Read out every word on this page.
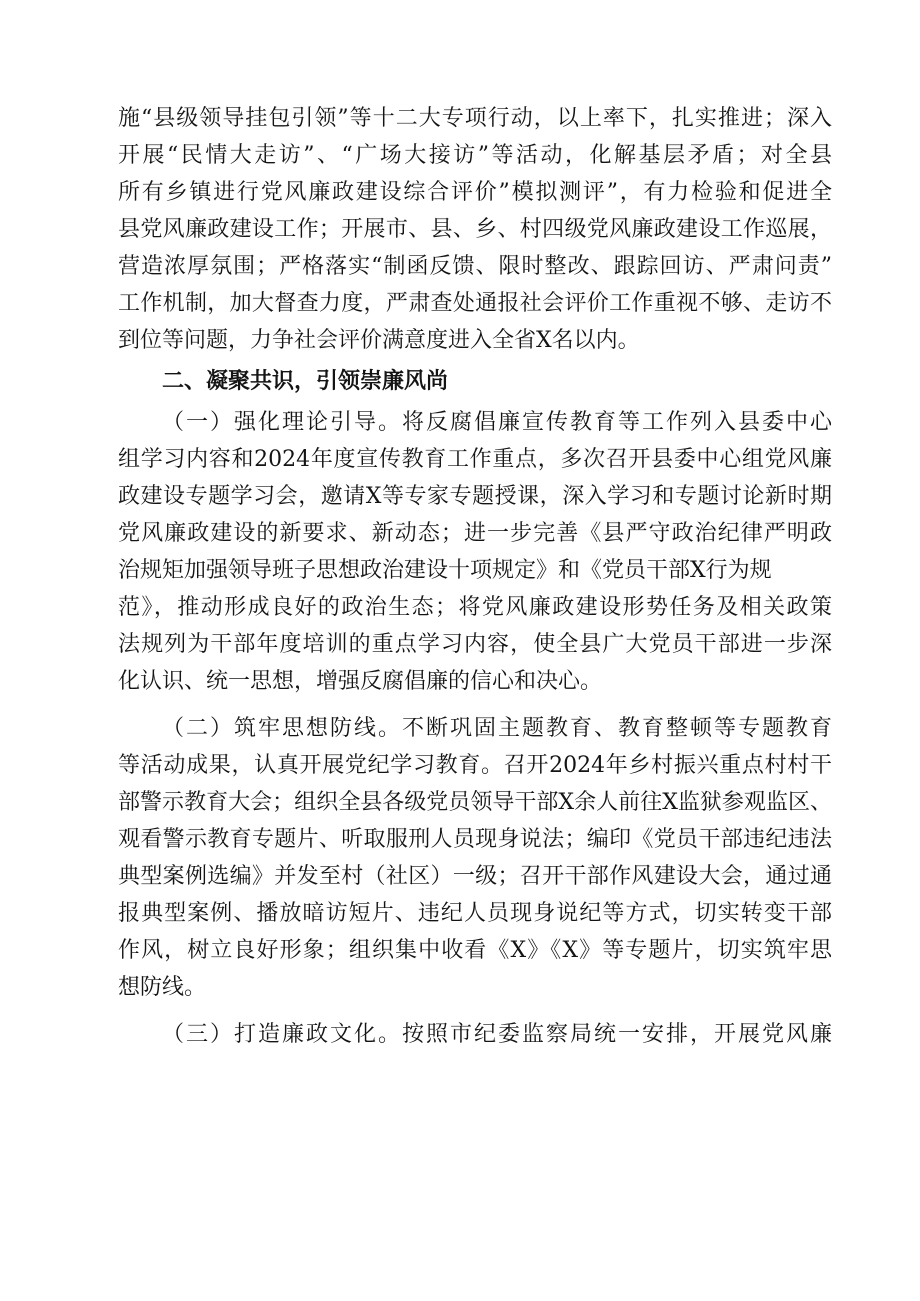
施“县级领导挂包引领”等十二大专项行动，以上率下，扎实推进；深入
开展“民情大走访”、“广场大接访”等活动，化解基层矛盾；对全县
所有乡镇进行党风廉政建设综合评价”模拟测评”，有力检验和促进全
县党风廉政建设工作；开展市、县、乡、村四级党风廉政建设工作巡展，
营造浓厚氛围；严格落实“制函反馈、限时整改、跟踪回访、严肃问责”
工作机制，加大督查力度，严肃查处通报社会评价工作重视不够、走访不
到位等问题，力争社会评价满意度进入全省X名以内。
二、凝聚共识，引领崇廉风尚
（一）强化理论引导。将反腐倡廉宣传教育等工作列入县委中心
组学习内容和2024年度宣传教育工作重点，多次召开县委中心组党风廉
政建设专题学习会，邀请X等专家专题授课，深入学习和专题讨论新时期
党风廉政建设的新要求、新动态；进一步完善《县严守政治纪律严明政
治规矩加强领导班子思想政治建设十项规定》和《党员干部X行为规
范》，推动形成良好的政治生态；将党风廉政建设形势任务及相关政策
法规列为干部年度培训的重点学习内容，使全县广大党员干部进一步深
化认识、统一思想，增强反腐倡廉的信心和决心。
（二）筑牢思想防线。不断巩固主题教育、教育整顿等专题教育
等活动成果，认真开展党纪学习教育。召开2024年乡村振兴重点村村干
部警示教育大会；组织全县各级党员领导干部X余人前往X监狱参观监区、
观看警示教育专题片、听取服刑人员现身说法；编印《党员干部违纪违法
典型案例选编》并发至村（社区）一级；召开干部作风建设大会，通过通
报典型案例、播放暗访短片、违纪人员现身说纪等方式，切实转变干部
作风，树立良好形象；组织集中收看《X》《X》等专题片，切实筑牢思
想防线。
（三）打造廉政文化。按照市纪委监察局统一安排，开展党风廉
